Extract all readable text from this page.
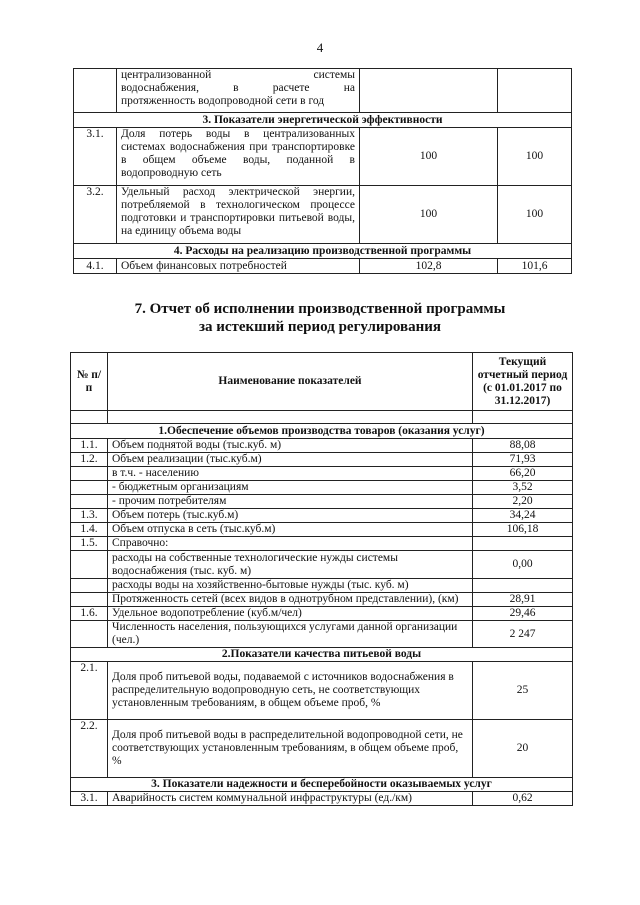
4

	централизованной системы
водоснабжения, в расчете на
протяженность водопроводной сети в год		

3. Показатели энергетической эффективности			
3.1.	Доля потерь воды в централизованных системах водоснабжения при транспортировке в общем объеме воды, поданной в водопроводную сеть	100	100
3.2.	Удельный расход электрической энергии, потребляемой в технологическом процессе подготовки и транспортировки питьевой воды, на единицу объема воды	100	100
4. Расходы на реализацию производственной программы			
4.1.	Объем финансовых потребностей	102,8	101,6
7. Отчет об исполнении производственной программы
за истекший период регулирования
№ п/п	Наименование показателей	Текущий отчетный период (с 01.01.2017 по 31.12.2017)

1.Обеспечение объемов производства товаров (оказания услуг)		
1.1.	Объем поднятой воды (тыс.куб. м)	88,08
1.2.	Объем реализации (тыс.куб.м)	71,93
	в т.ч. - населению	66,20
	- бюджетным организациям	3,52
	- прочим потребителям	2,20
1.3.	Объем потерь (тыс.куб.м)	34,24
1.4.	Объем отпуска в сеть (тыс.куб.м)	106,18
1.5.	Справочно:	
	расходы на собственные технологические нужды системы водоснабжения (тыс. куб. м)	0,00
	расходы воды на хозяйственно-бытовые нужды (тыс. куб. м)	
	Протяженность сетей (всех видов в однотрубном представлении), (км)	28,91
1.6.	Удельное водопотребление (куб.м/чел)	29,46
	Численность населения, пользующихся услугами данной организации (чел.)	2 247
2.Показатели качества питьевой воды		
2.1.	Доля проб питьевой воды, подаваемой с источников водоснабжения в распределительную водопроводную сеть, не соответствующих установленным требованиям, в общем объеме проб, %	25
2.2.	Доля проб питьевой воды в распределительной водопроводной сети, не соответствующих установленным требованиям, в общем объеме проб, %	20
3. Показатели надежности и бесперебойности оказываемых услуг		
3.1.	Аварийность систем коммунальной инфраструктуры (ед./км)	0,62
